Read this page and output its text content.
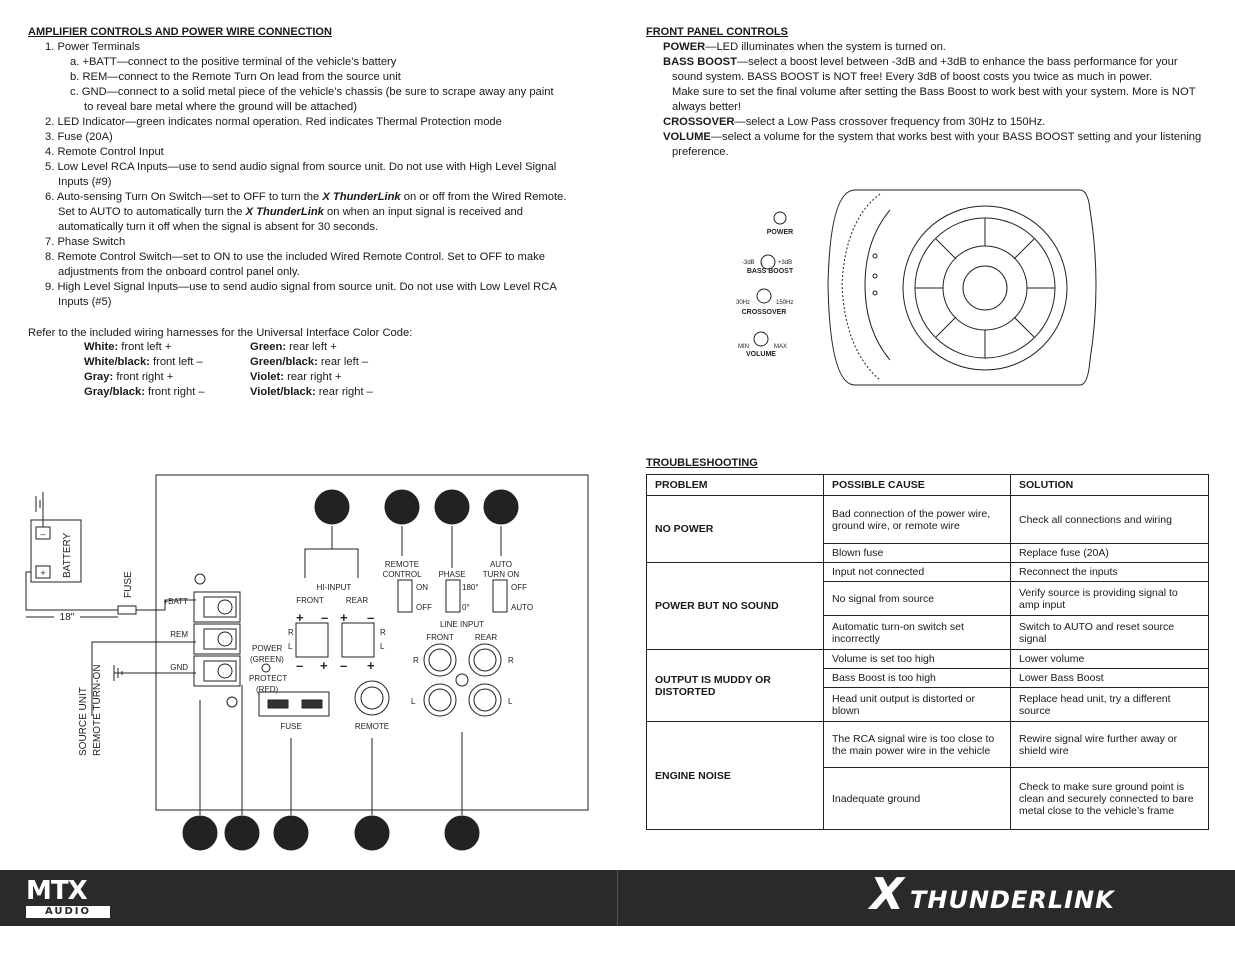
AMPLIFIER CONTROLS AND POWER WIRE CONNECTION
1. Power Terminals
a. +BATT—connect to the positive terminal of the vehicle’s battery
b. REM—connect to the Remote Turn On lead from the source unit
c. GND—connect to a solid metal piece of the vehicle’s chassis (be sure to scrape away any paint
to reveal bare metal where the ground will be attached)
2. LED Indicator—green indicates normal operation. Red indicates Thermal Protection mode
3. Fuse (20A)
4. Remote Control Input
5. Low Level RCA Inputs—use to send audio signal from source unit. Do not use with High Level Signal
Inputs (#9)
6. Auto-sensing Turn On Switch—set to OFF to turn the X ThunderLink on or off from the Wired Remote.
Set to AUTO to automatically turn the X ThunderLink on when an input signal is received and
automatically turn it off when the signal is absent for 30 seconds.
7. Phase Switch
8. Remote Control Switch—set to ON to use the included Wired Remote Control. Set to OFF to make
adjustments from the onboard control panel only.
9. High Level Signal Inputs—use to send audio signal from source unit. Do not use with Low Level RCA
Inputs (#5)
Refer to the included wiring harnesses for the Universal Interface Color Code:
White: front left +
White/black: front left –
Gray: front right +
Gray/black: front right –
Green: rear left +
Green/black: rear left –
Violet: rear right +
Violet/black: rear right –
–
+ BATTERY
FUSE
18"
SOURCE UNIT REMOTE TURN-ON
+BATT
REM
GND
POWER
(GREEN)
PROTECT
(RED)
FUSE	REMOTE
HI-INPUT
FRONT	REAR
R
L
R
L
+ – + –
– + – +
REMOTE
CONTROL
ON
OFF
PHASE
180°
0°
AUTO
TURN ON
OFF
AUTO
LINE INPUT
FRONT	REAR
R
L
R
L
1 2 3	4	5
9	8 7 6
FRONT PANEL CONTROLS
POWER—LED illuminates when the system is turned on.
BASS BOOST—select a boost level between -3dB and +3dB to enhance the bass performance for your
sound system. BASS BOOST is NOT free! Every 3dB of boost costs you twice as much in power.
Make sure to set the final volume after setting the Bass Boost to work best with your system. More is NOT
always better!
CROSSOVER—select a Low Pass crossover frequency from 30Hz to 150Hz.
VOLUME—select a volume for the system that works best with your BASS BOOST setting and your listening
preference.
POWER
-3dB	+3dB
BASS BOOST
30Hz	150Hz
CROSSOVER
MIN	MAX
VOLUME
TROUBLESHOOTING
PROBLEM	POSSIBLE CAUSE	SOLUTION
NO POWER	Bad connection of the power wire, ground wire, or remote wire	Check all connections and wiring
	Blown fuse	Replace fuse (20A)
POWER BUT NO SOUND	Input not connected	Reconnect the inputs
	No signal from source	Verify source is providing signal to amp input
	Automatic turn-on switch set incorrectly	Switch to AUTO and reset source signal
OUTPUT IS MUDDY OR DISTORTED	Volume is set too high	Lower volume
	Bass Boost is too high	Lower Bass Boost
	Head unit output is distorted or blown	Replace head unit, try a different source
ENGINE NOISE	The RCA signal wire is too close to the main power wire in the vehicle	Rewire signal wire further away or shield wire
	Inadequate ground	Check to make sure ground point is clean and securely connected to bare metal close to the vehicle’s frame
MTX
AUDIO	X THUNDERLINK
